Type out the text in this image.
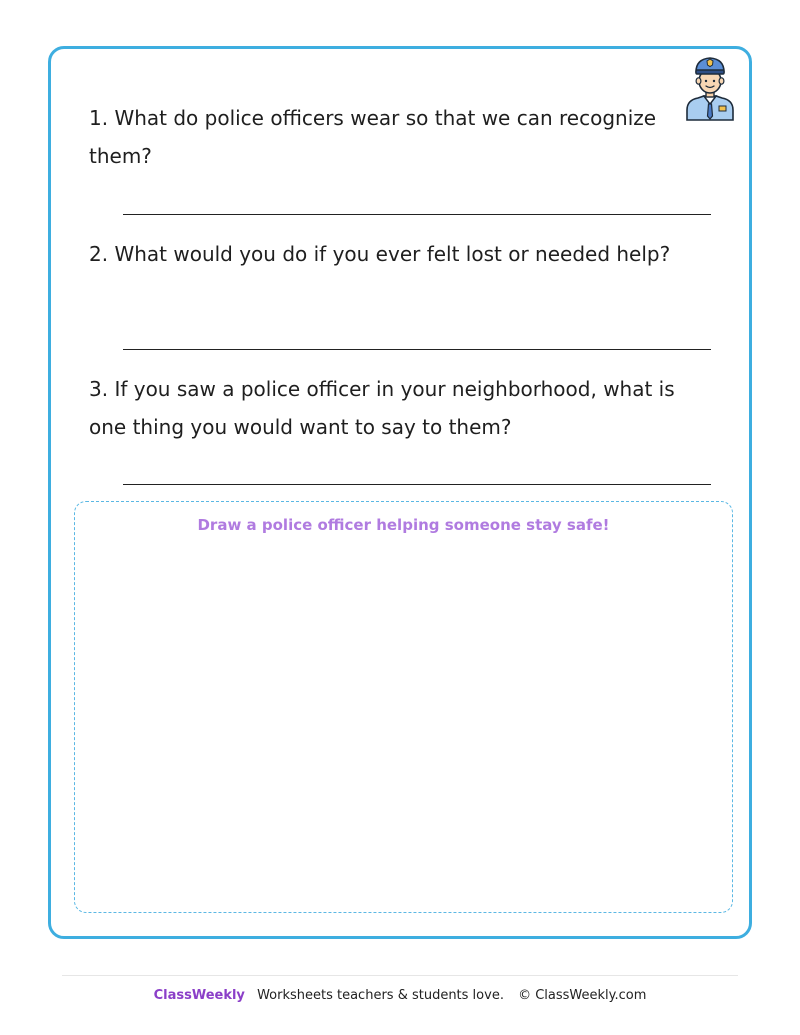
1. What do police officers wear so that we can recognize them?
2. What would you do if you ever felt lost or needed help?
3. If you saw a police officer in your neighborhood, what is one thing you would want to say to them?
Draw a police officer helping someone stay safe!
ClassWeekly Worksheets teachers & students love. © ClassWeekly.com
